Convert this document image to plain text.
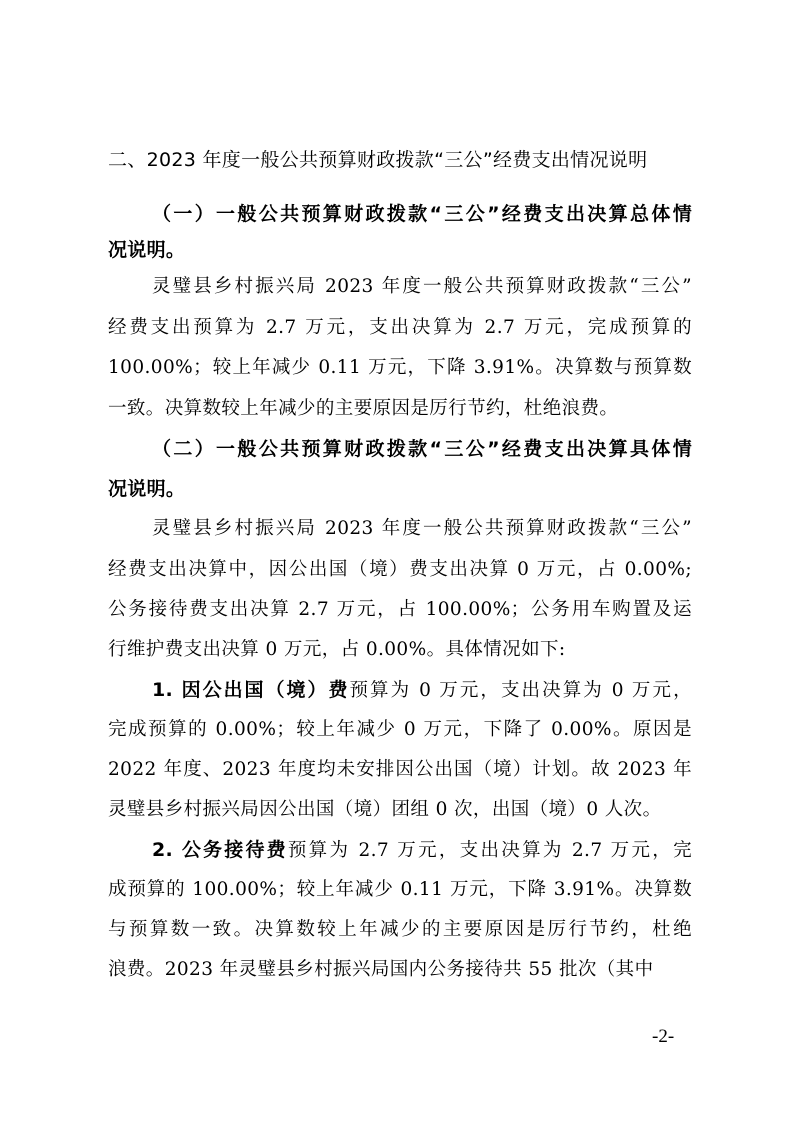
二、2023 年度一般公共预算财政拨款“三公”经费支出情况说明
（一）一般公共预算财政拨款“三公”经费支出决算总体情
况说明。
灵璧县乡村振兴局 2023 年度一般公共预算财政拨款“三公”
经费支出预算为 2.7 万元，支出决算为 2.7 万元，完成预算的
100.00%；较上年减少 0.11 万元，下降 3.91%。决算数与预算数
一致。决算数较上年减少的主要原因是厉行节约，杜绝浪费。
（二）一般公共预算财政拨款“三公”经费支出决算具体情
况说明。
灵璧县乡村振兴局 2023 年度一般公共预算财政拨款“三公”
经费支出决算中，因公出国（境）费支出决算 0 万元，占 0.00%;
公务接待费支出决算 2.7 万元，占 100.00%；公务用车购置及运
行维护费支出决算 0 万元，占 0.00%。具体情况如下:
1. 因公出国（境）费预算为 0 万元，支出决算为 0 万元，
完成预算的 0.00%；较上年减少 0 万元，下降了 0.00%。原因是
2022 年度、2023 年度均未安排因公出国（境）计划。故 2023 年
灵璧县乡村振兴局因公出国（境）团组 0 次，出国（境）0 人次。
2. 公务接待费预算为 2.7 万元，支出决算为 2.7 万元，完
成预算的 100.00%；较上年减少 0.11 万元，下降 3.91%。决算数
与预算数一致。决算数较上年减少的主要原因是厉行节约，杜绝
浪费。2023 年灵璧县乡村振兴局国内公务接待共 55 批次（其中
-2-
